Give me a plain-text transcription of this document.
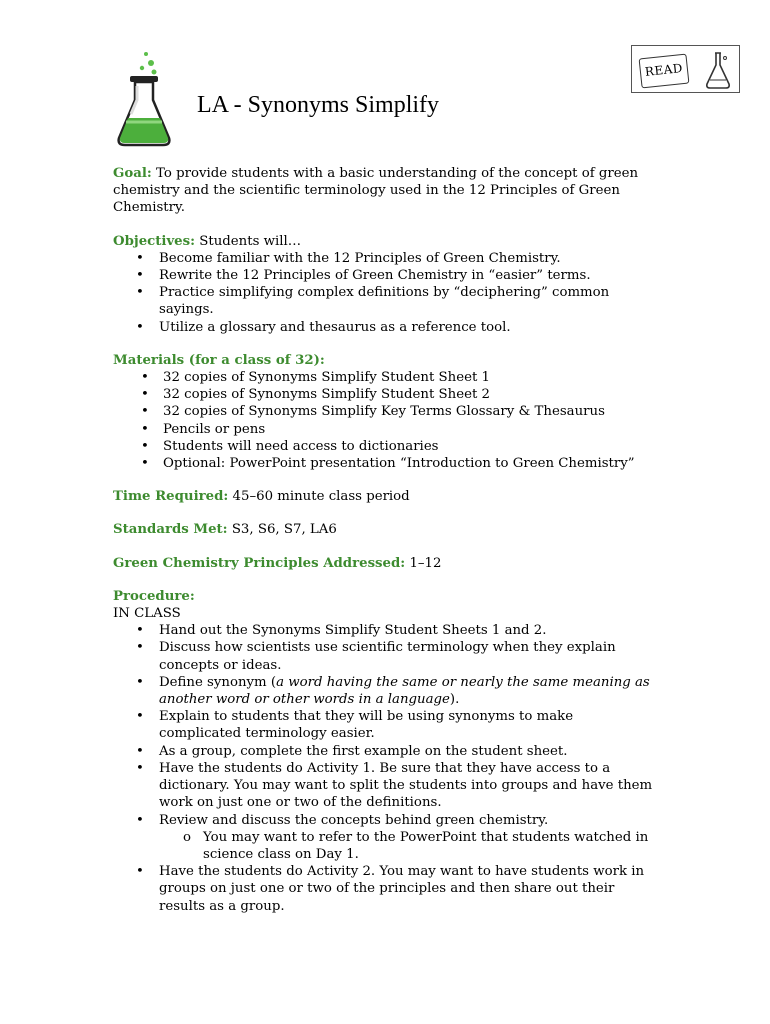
READ
LA - Synonyms Simplify

Goal: To provide students with a basic understanding of the concept of green chemistry and the scientific terminology used in the 12 Principles of Green Chemistry.

Objectives: Students will…

• Become familiar with the 12 Principles of Green Chemistry.
• Rewrite the 12 Principles of Green Chemistry in “easier” terms.
• Practice simplifying complex definitions by “deciphering” common sayings.
• Utilize a glossary and thesaurus as a reference tool.

Materials (for a class of 32):

• 32 copies of Synonyms Simplify Student Sheet 1
• 32 copies of Synonyms Simplify Student Sheet 2
• 32 copies of Synonyms Simplify Key Terms Glossary & Thesaurus
• Pencils or pens
• Students will need access to dictionaries
• Optional: PowerPoint presentation “Introduction to Green Chemistry”

Time Required: 45–60 minute class period

Standards Met: S3, S6, S7, LA6

Green Chemistry Principles Addressed: 1–12

Procedure:

IN CLASS

• Hand out the Synonyms Simplify Student Sheets 1 and 2.
• Discuss how scientists use scientific terminology when they explain concepts or ideas.
• Define synonym (a word having the same or nearly the same meaning as another word or other words in a language).
• Explain to students that they will be using synonyms to make complicated terminology easier.
• As a group, complete the first example on the student sheet.
• Have the students do Activity 1. Be sure that they have access to a dictionary. You may want to split the students into groups and have them work on just one or two of the definitions.
• Review and discuss the concepts behind green chemistry.
o You may want to refer to the PowerPoint that students watched in science class on Day 1.
• Have the students do Activity 2. You may want to have students work in groups on just one or two of the principles and then share out their results as a group.
